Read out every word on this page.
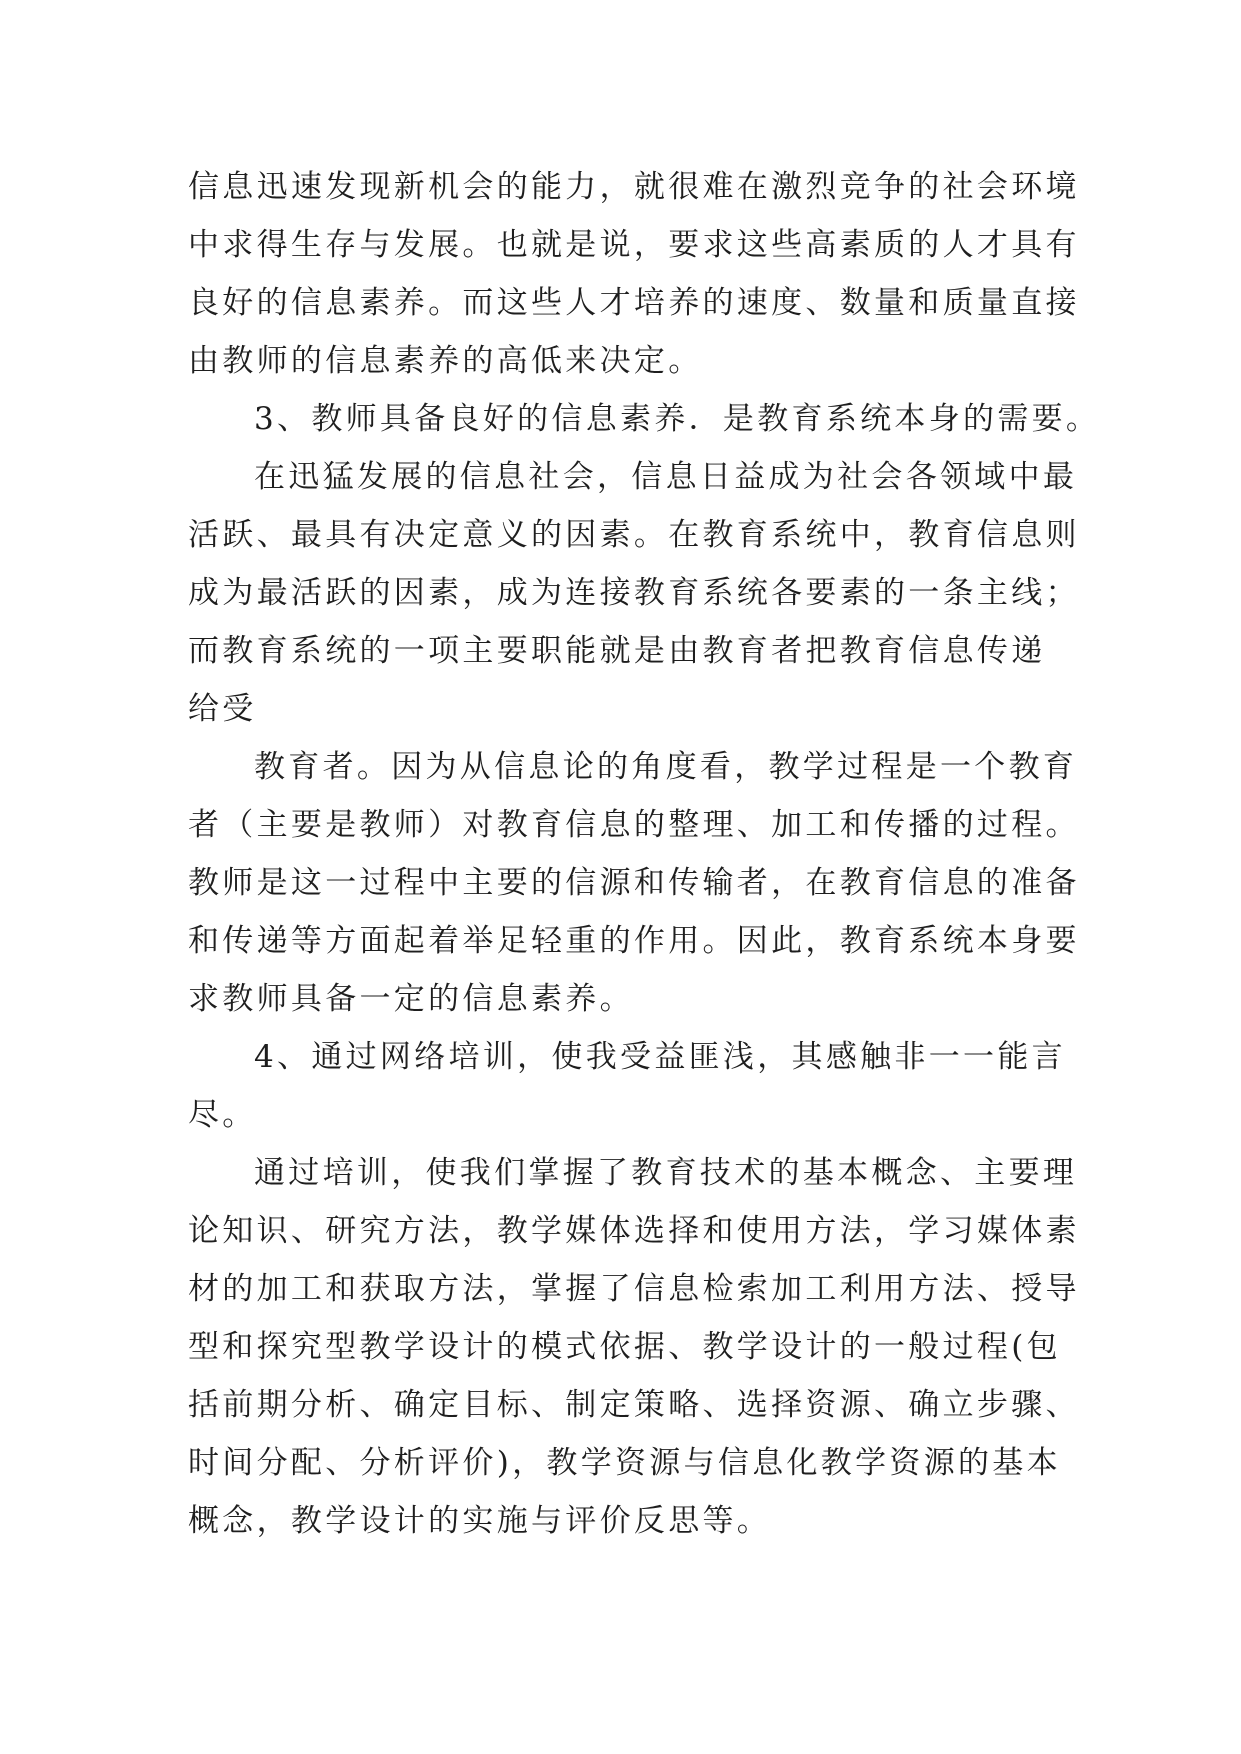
信息迅速发现新机会的能力，就很难在激烈竞争的社会环境
中求得生存与发展。也就是说，要求这些高素质的人才具有
良好的信息素养。而这些人才培养的速度、数量和质量直接
由教师的信息素养的高低来决定。
3、教师具备良好的信息素养．是教育系统本身的需要。
在迅猛发展的信息社会，信息日益成为社会各领域中最
活跃、最具有决定意义的因素。在教育系统中，教育信息则
成为最活跃的因素，成为连接教育系统各要素的一条主线；
而教育系统的一项主要职能就是由教育者把教育信息传递
给受
教育者。因为从信息论的角度看，教学过程是一个教育
者（主要是教师）对教育信息的整理、加工和传播的过程。
教师是这一过程中主要的信源和传输者，在教育信息的准备
和传递等方面起着举足轻重的作用。因此，教育系统本身要
求教师具备一定的信息素养。
4、通过网络培训，使我受益匪浅，其感触非一一能言
尽。
通过培训，使我们掌握了教育技术的基本概念、主要理
论知识、研究方法，教学媒体选择和使用方法，学习媒体素
材的加工和获取方法，掌握了信息检索加工利用方法、授导
型和探究型教学设计的模式依据、教学设计的一般过程(包
括前期分析、确定目标、制定策略、选择资源、确立步骤、
时间分配、分析评价)，教学资源与信息化教学资源的基本
概念，教学设计的实施与评价反思等。
